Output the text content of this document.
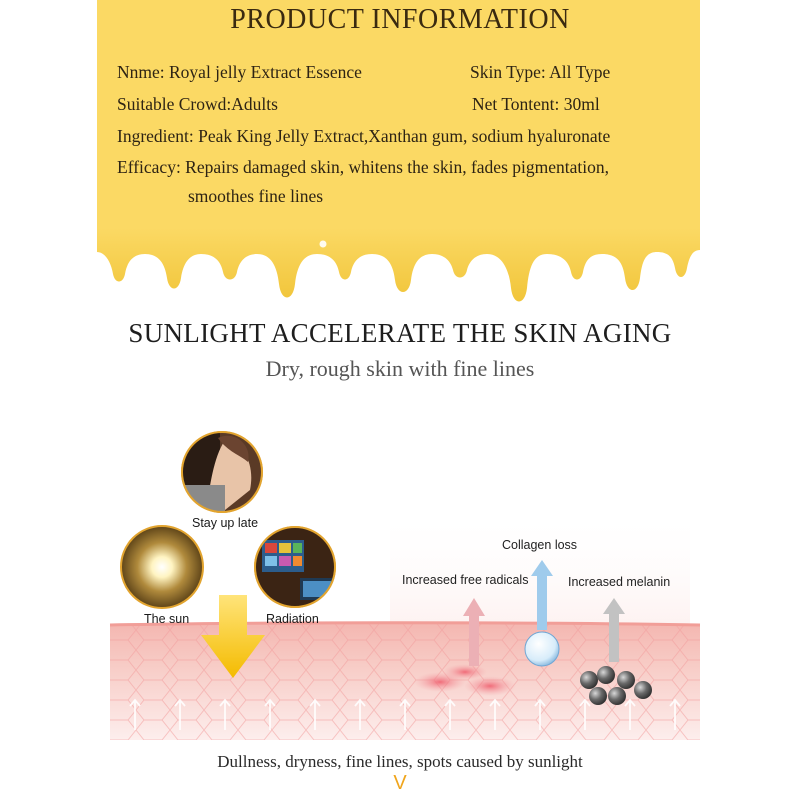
PRODUCT INFORMATION
Nnme: Royal jelly Extract Essence	Skin Type: All Type
Suitable Crowd:Adults	Net Tontent: 30ml
Ingredient: Peak King Jelly Extract,Xanthan gum, sodium hyaluronate
Efficacy: Repairs damaged skin, whitens the skin, fades pigmentation,
smoothes fine lines
SUNLIGHT ACCELERATE THE SKIN AGING
Dry, rough skin with fine lines
Stay up late
The sun	Radiation
Collagen loss
Increased free radicals	Increased melanin
Dullness, dryness, fine lines, spots caused by sunlight
V
